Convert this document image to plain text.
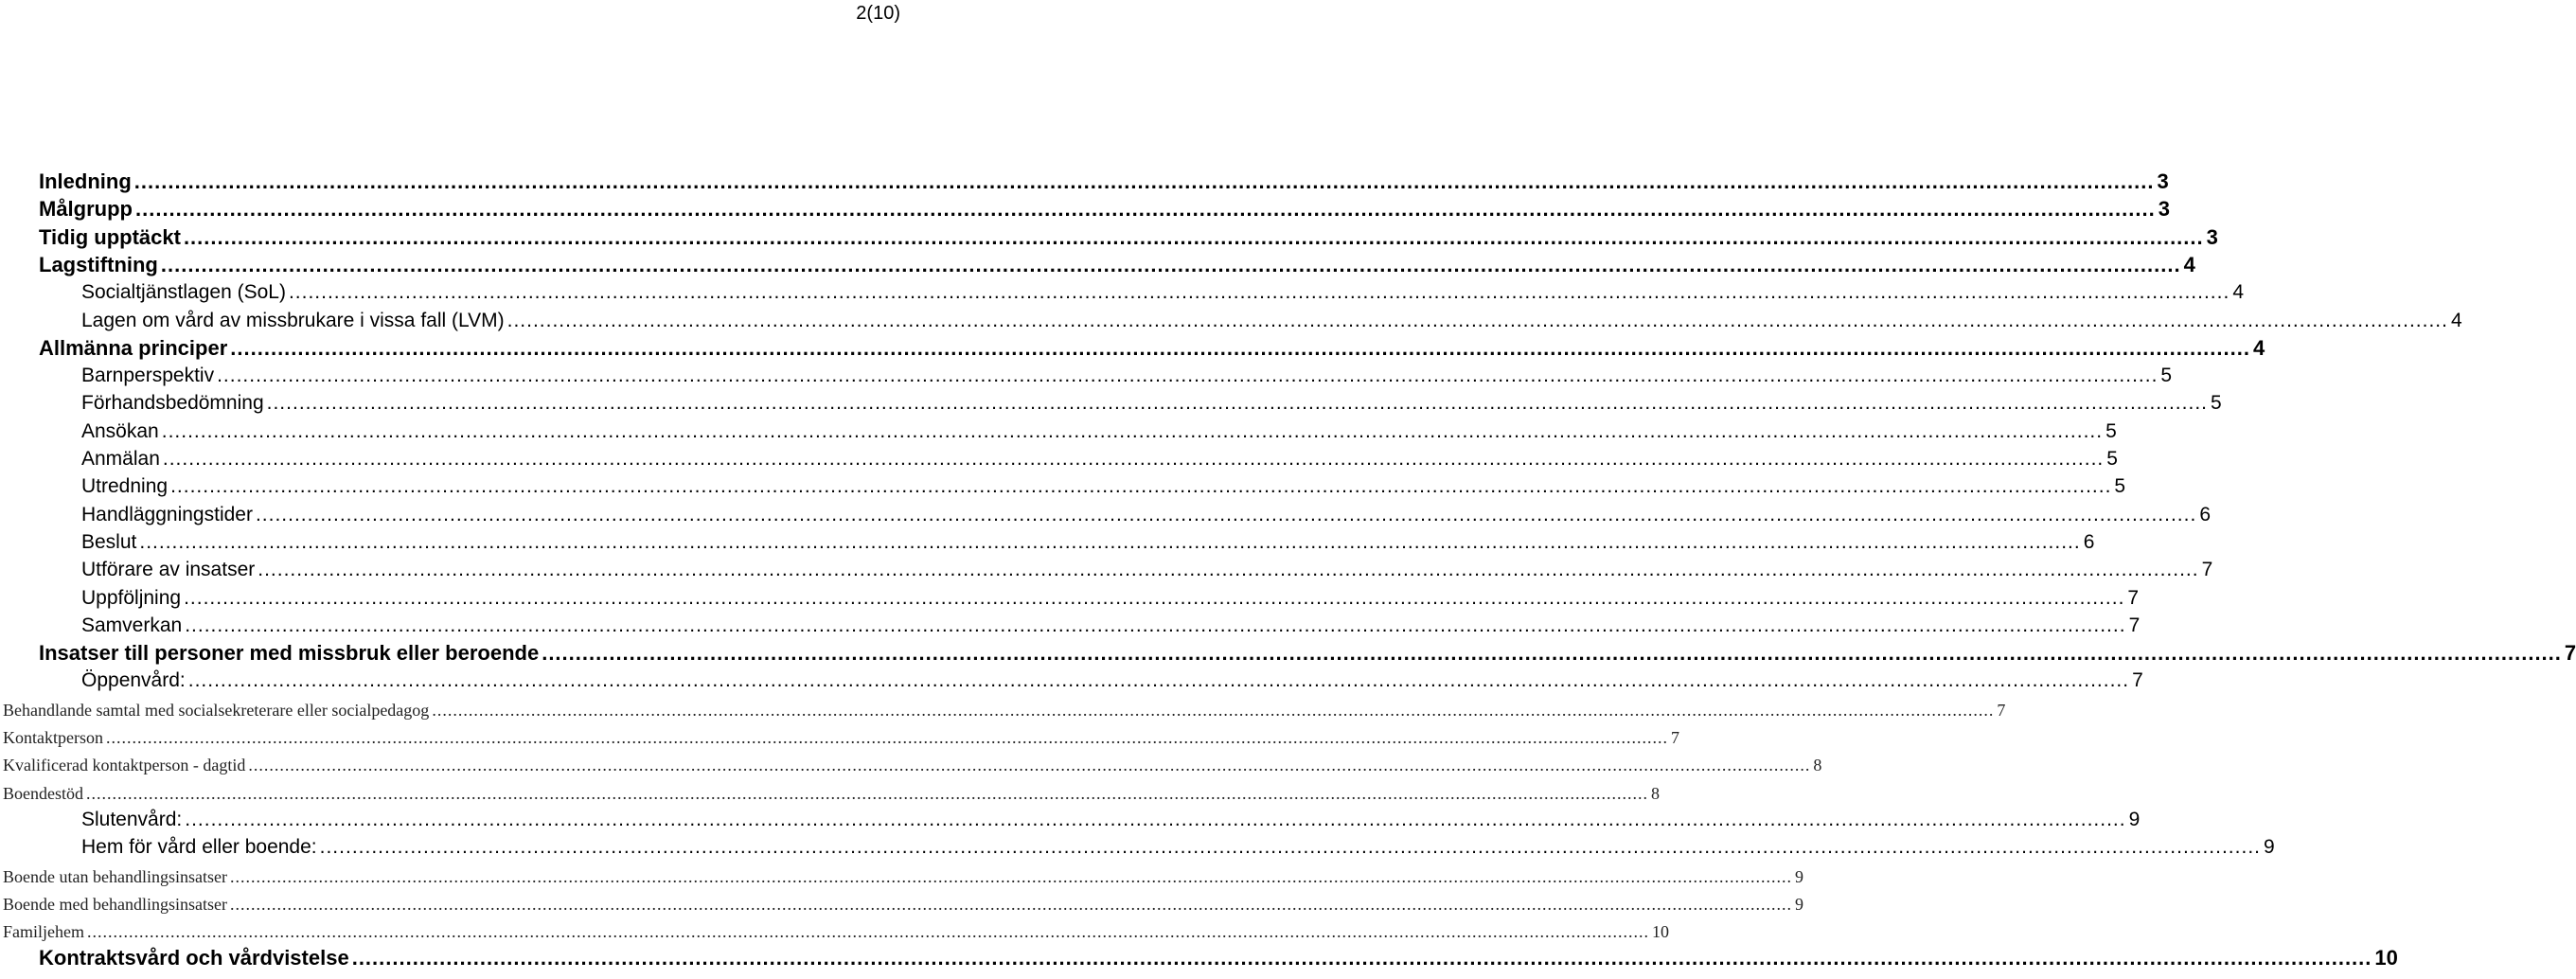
2(10)
Inledning ............................................................................................................................................................................................................................................................................................................ 3
Målgrupp ............................................................................................................................................................................................................................................................................................................ 3
Tidig upptäckt ............................................................................................................................................................................................................................................................................................................ 3
Lagstiftning ............................................................................................................................................................................................................................................................................................................ 4
Socialtjänstlagen (SoL) ............................................................................................................................................................................................................................................................................................................ 4
Lagen om vård av missbrukare i vissa fall (LVM) ............................................................................................................................................................................................................................................................................................................ 4
Allmänna principer ............................................................................................................................................................................................................................................................................................................ 4
Barnperspektiv ............................................................................................................................................................................................................................................................................................................ 5
Förhandsbedömning ............................................................................................................................................................................................................................................................................................................ 5
Ansökan ............................................................................................................................................................................................................................................................................................................ 5
Anmälan ............................................................................................................................................................................................................................................................................................................ 5
Utredning ............................................................................................................................................................................................................................................................................................................ 5
Handläggningstider ............................................................................................................................................................................................................................................................................................................ 6
Beslut ............................................................................................................................................................................................................................................................................................................ 6
Utförare av insatser ............................................................................................................................................................................................................................................................................................................ 7
Uppföljning ............................................................................................................................................................................................................................................................................................................ 7
Samverkan ............................................................................................................................................................................................................................................................................................................ 7
Insatser till personer med missbruk eller beroende ............................................................................................................................................................................................................................................................................................................ 7
Öppenvård: ............................................................................................................................................................................................................................................................................................................ 7
Behandlande samtal med socialsekreterare eller socialpedagog ............................................................................................................................................................................................................................................................................................................ 7
Kontaktperson ............................................................................................................................................................................................................................................................................................................ 7
Kvalificerad kontaktperson - dagtid ............................................................................................................................................................................................................................................................................................................ 8
Boendestöd ............................................................................................................................................................................................................................................................................................................ 8
Slutenvård: ............................................................................................................................................................................................................................................................................................................ 9
Hem för vård eller boende: ............................................................................................................................................................................................................................................................................................................ 9
Boende utan behandlingsinsatser ............................................................................................................................................................................................................................................................................................................ 9
Boende med behandlingsinsatser ............................................................................................................................................................................................................................................................................................................ 9
Familjehem ............................................................................................................................................................................................................................................................................................................ 10
Kontraktsvård och vårdvistelse ............................................................................................................................................................................................................................................................................................................ 10
